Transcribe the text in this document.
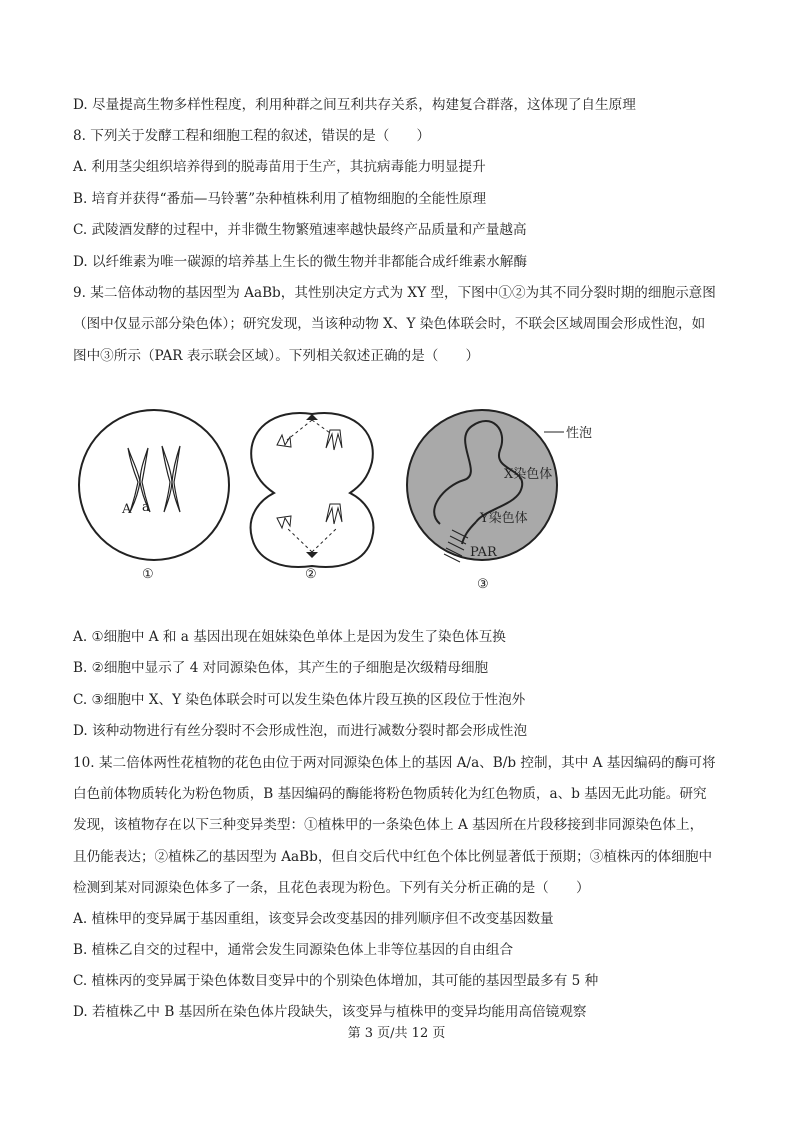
D. 尽量提高生物多样性程度，利用种群之间互利共存关系，构建复合群落，这体现了自生原理
8. 下列关于发酵工程和细胞工程的叙述，错误的是（　　）
A. 利用茎尖组织培养得到的脱毒苗用于生产，其抗病毒能力明显提升
B. 培育并获得“番茄—马铃薯”杂种植株利用了植物细胞的全能性原理
C. 武陵酒发酵的过程中，并非微生物繁殖速率越快最终产品质量和产量越高
D. 以纤维素为唯一碳源的培养基上生长的微生物并非都能合成纤维素水解酶
9. 某二倍体动物的基因型为 AaBb，其性别决定方式为 XY 型，下图中①②为其不同分裂时期的细胞示意图
（图中仅显示部分染色体）；研究发现，当该种动物 X、Y 染色体联会时，不联会区域周围会形成性泡，如
图中③所示（PAR 表示联会区域）。下列相关叙述正确的是（　　）
A. ①细胞中 A 和 a 基因出现在姐妹染色单体上是因为发生了染色体互换
B. ②细胞中显示了 4 对同源染色体，其产生的子细胞是次级精母细胞
C. ③细胞中 X、Y 染色体联会时可以发生染色体片段互换的区段位于性泡外
D. 该种动物进行有丝分裂时不会形成性泡，而进行减数分裂时都会形成性泡
10. 某二倍体两性花植物的花色由位于两对同源染色体上的基因 A/a、B/b 控制，其中 A 基因编码的酶可将
白色前体物质转化为粉色物质，B 基因编码的酶能将粉色物质转化为红色物质，a、b 基因无此功能。研究
发现，该植物存在以下三种变异类型：①植株甲的一条染色体上 A 基因所在片段移接到非同源染色体上，
且仍能表达；②植株乙的基因型为 AaBb，但自交后代中红色个体比例显著低于预期；③植株丙的体细胞中
检测到某对同源染色体多了一条，且花色表现为粉色。下列有关分析正确的是（　　）
A. 植株甲的变异属于基因重组，该变异会改变基因的排列顺序但不改变基因数量
B. 植株乙自交的过程中，通常会发生同源染色体上非等位基因的自由组合
C. 植株丙的变异属于染色体数目变异中的个别染色体增加，其可能的基因型最多有 5 种
D. 若植株乙中 B 基因所在染色体片段缺失，该变异与植株甲的变异均能用高倍镜观察
A a
①	②
性泡
X染色体
Y染色体
PAR
③
第 3 页/共 12 页
